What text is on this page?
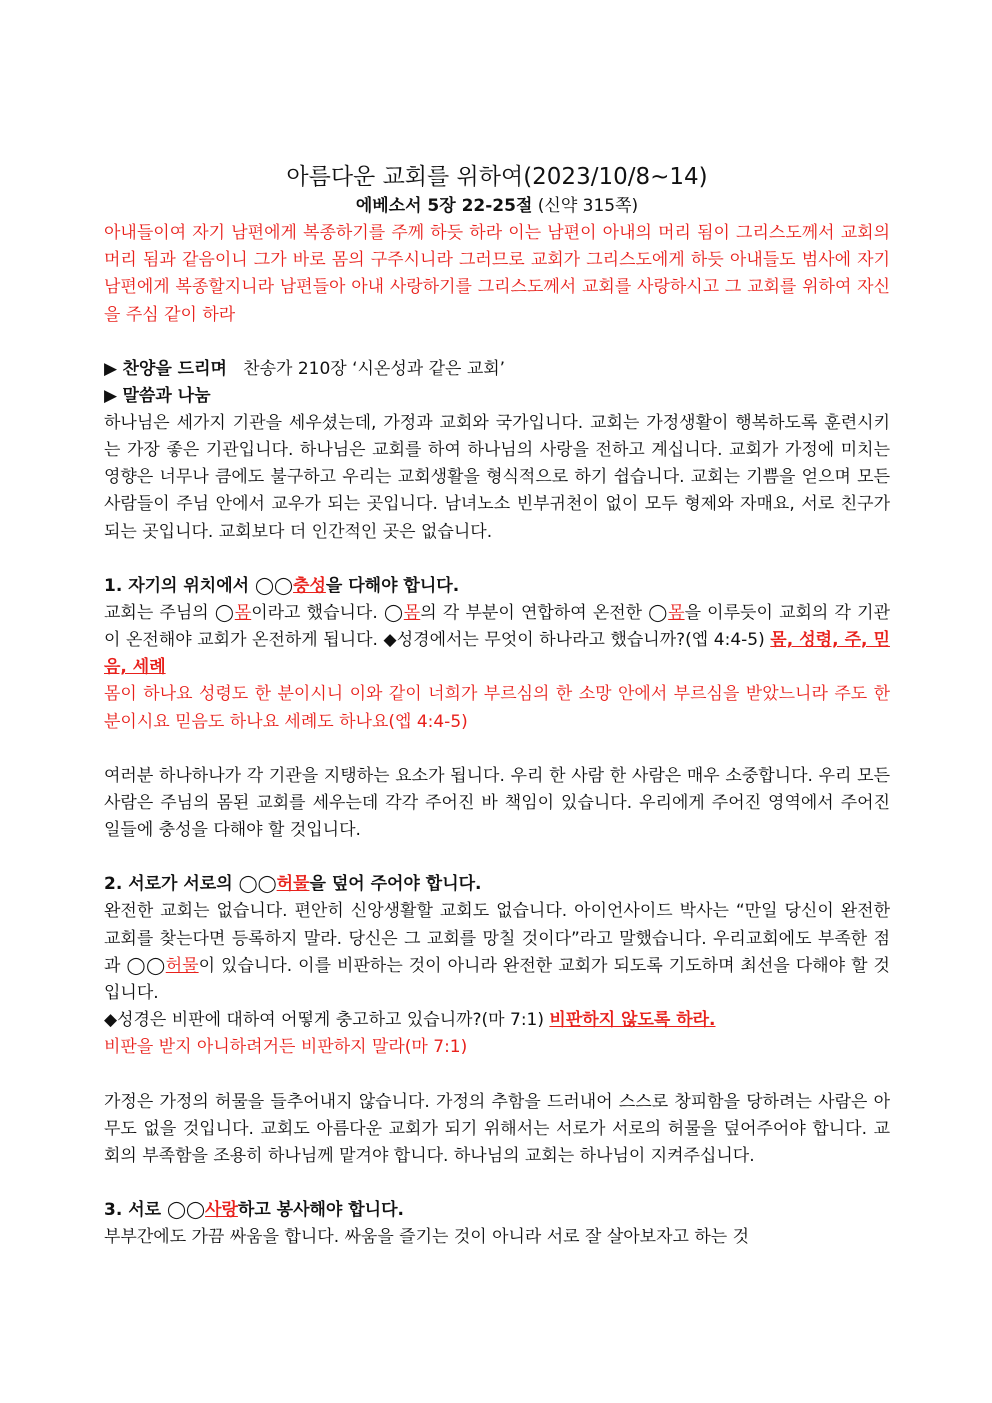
아름다운 교회를 위하여(2023/10/8~14)
에베소서 5장 22-25절 (신약 315쪽)

아내들이여 자기 남편에게 복종하기를 주께 하듯 하라 이는 남편이 아내의 머리 됨이 그리스도께서 교회의 머리 됨과 같음이니 그가 바로 몸의 구주시니라 그러므로 교회가 그리스도에게 하듯 아내들도 범사에 자기 남편에게 복종할지니라 남편들아 아내 사랑하기를 그리스도께서 교회를 사랑하시고 그 교회를 위하여 자신을 주심 같이 하라

▶ 찬양을 드리며 찬송가 210장 ‘시온성과 같은 교회’
▶ 말씀과 나눔

하나님은 세가지 기관을 세우셨는데, 가정과 교회와 국가입니다. 교회는 가정생활이 행복하도록 훈련시키는 가장 좋은 기관입니다. 하나님은 교회를 하여 하나님의 사랑을 전하고 계십니다. 교회가 가정에 미치는 영향은 너무나 큼에도 불구하고 우리는 교회생활을 형식적으로 하기 쉽습니다. 교회는 기쁨을 얻으며 모든 사람들이 주님 안에서 교우가 되는 곳입니다. 남녀노소 빈부귀천이 없이 모두 형제와 자매요, 서로 친구가 되는 곳입니다. 교회보다 더 인간적인 곳은 없습니다.

1. 자기의 위치에서 ◯◯충성을 다해야 합니다.

교회는 주님의 ◯몸이라고 했습니다. ◯몸의 각 부분이 연합하여 온전한 ◯몸을 이루듯이 교회의 각 기관이 온전해야 교회가 온전하게 됩니다. ◆성경에서는 무엇이 하나라고 했습니까?(엡 4:4-5) 몸, 성령, 주, 믿음, 세례

몸이 하나요 성령도 한 분이시니 이와 같이 너희가 부르심의 한 소망 안에서 부르심을 받았느니라 주도 한 분이시요 믿음도 하나요 세례도 하나요(엡 4:4-5)

여러분 하나하나가 각 기관을 지탱하는 요소가 됩니다. 우리 한 사람 한 사람은 매우 소중합니다. 우리 모든 사람은 주님의 몸된 교회를 세우는데 각각 주어진 바 책임이 있습니다. 우리에게 주어진 영역에서 주어진 일들에 충성을 다해야 할 것입니다.

2. 서로가 서로의 ◯◯허물을 덮어 주어야 합니다.

완전한 교회는 없습니다. 편안히 신앙생활할 교회도 없습니다. 아이언사이드 박사는 “만일 당신이 완전한 교회를 찾는다면 등록하지 말라. 당신은 그 교회를 망칠 것이다”라고 말했습니다. 우리교회에도 부족한 점과 ◯◯허물이 있습니다. 이를 비판하는 것이 아니라 완전한 교회가 되도록 기도하며 최선을 다해야 할 것입니다.

◆성경은 비판에 대하여 어떻게 충고하고 있습니까?(마 7:1) 비판하지 않도록 하라.

비판을 받지 아니하려거든 비판하지 말라(마 7:1)

가정은 가정의 허물을 들추어내지 않습니다. 가정의 추함을 드러내어 스스로 창피함을 당하려는 사람은 아무도 없을 것입니다. 교회도 아름다운 교회가 되기 위해서는 서로가 서로의 허물을 덮어주어야 합니다. 교회의 부족함을 조용히 하나님께 맡겨야 합니다. 하나님의 교회는 하나님이 지켜주십니다.

3. 서로 ◯◯사랑하고 봉사해야 합니다.

부부간에도 가끔 싸움을 합니다. 싸움을 즐기는 것이 아니라 서로 잘 살아보자고 하는 것
